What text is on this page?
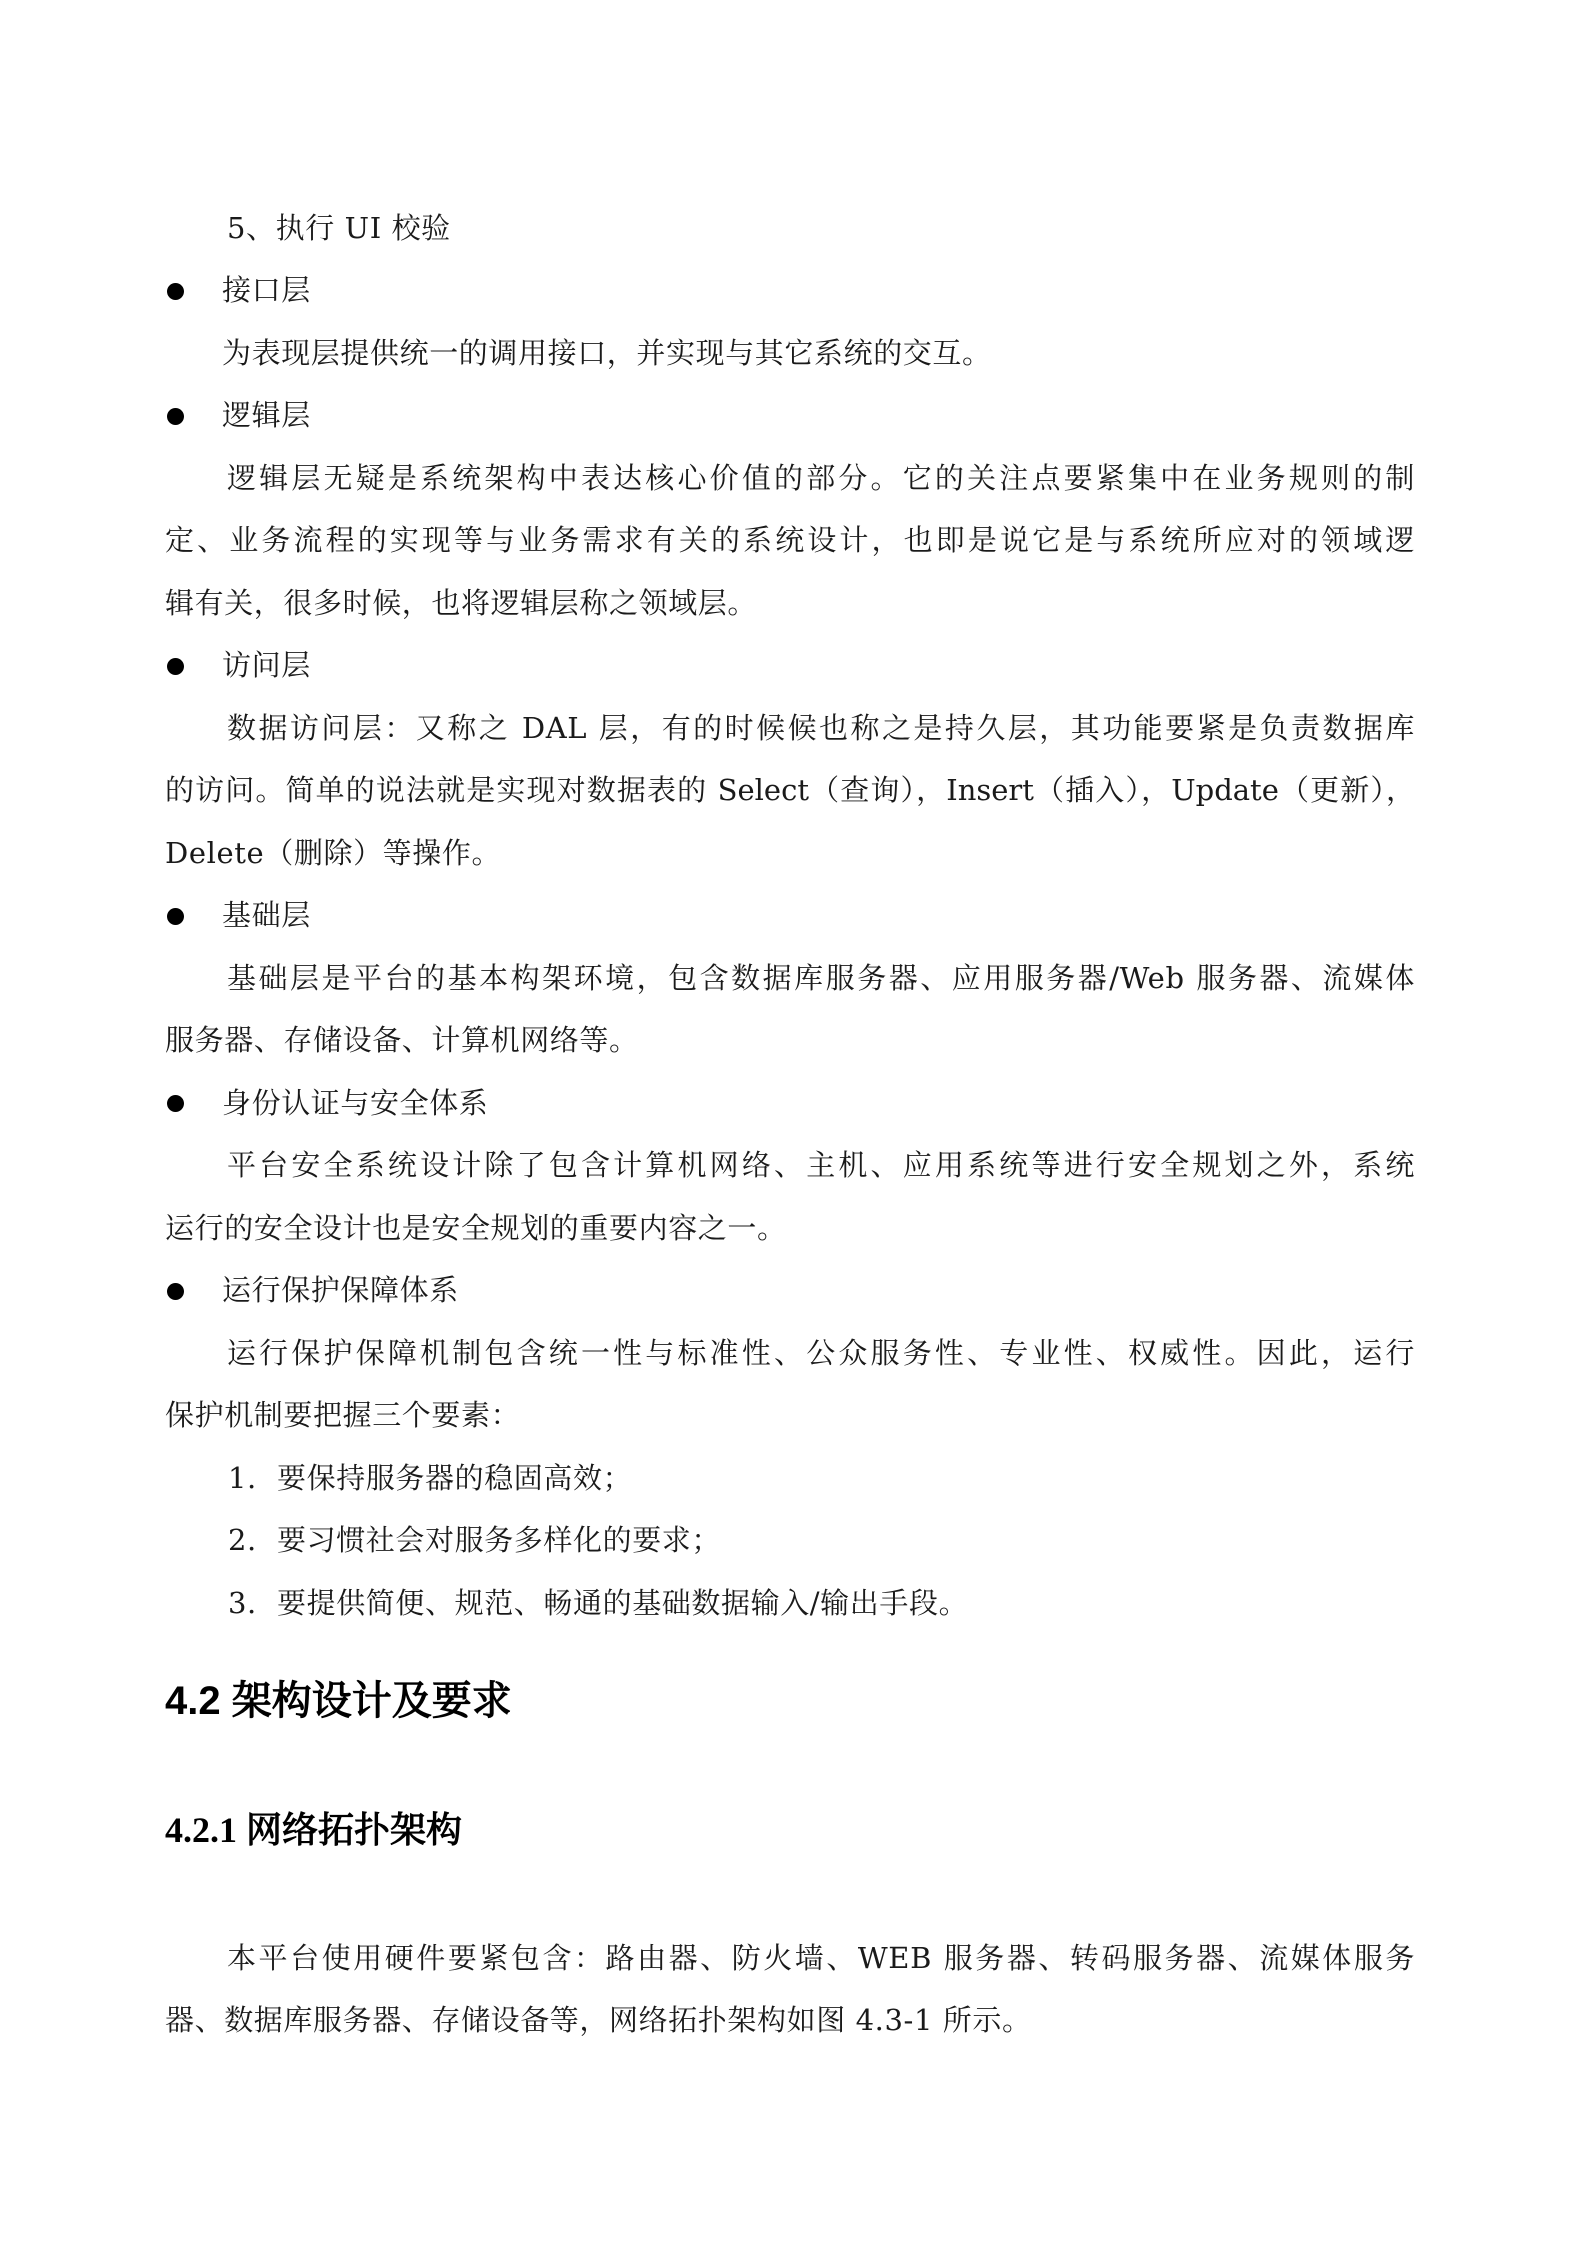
5、执行 UI 校验
接口层
为表现层提供统一的调用接口，并实现与其它系统的交互。
逻辑层
逻辑层无疑是系统架构中表达核心价值的部分。它的关注点要紧集中在业务规则的制
定、业务流程的实现等与业务需求有关的系统设计，也即是说它是与系统所应对的领域逻
辑有关，很多时候，也将逻辑层称之领域层。
访问层
数据访问层：又称之 DAL 层，有的时候候也称之是持久层，其功能要紧是负责数据库
的访问。简单的说法就是实现对数据表的 Select（查询），Insert（插入），Update（更新），
Delete（删除）等操作。
基础层
基础层是平台的基本构架环境，包含数据库服务器、应用服务器/Web 服务器、流媒体
服务器、存储设备、计算机网络等。
身份认证与安全体系
平台安全系统设计除了包含计算机网络、主机、应用系统等进行安全规划之外，系统
运行的安全设计也是安全规划的重要内容之一。
运行保护保障体系
运行保护保障机制包含统一性与标准性、公众服务性、专业性、权威性。因此，运行
保护机制要把握三个要素：
1. 要保持服务器的稳固高效；
2. 要习惯社会对服务多样化的要求；
3. 要提供简便、规范、畅通的基础数据输入/输出手段。
4.2 架构设计及要求
4.2.1 网络拓扑架构
本平台使用硬件要紧包含：路由器、防火墙、WEB 服务器、转码服务器、流媒体服务
器、数据库服务器、存储设备等，网络拓扑架构如图 4.3-1 所示。
